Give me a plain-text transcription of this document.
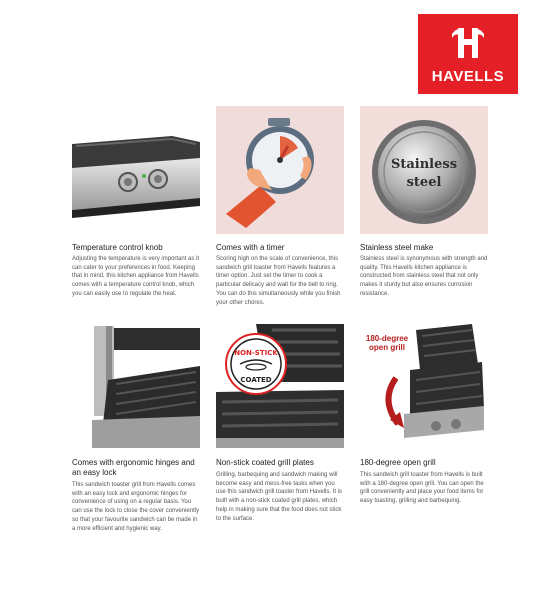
HAVELLS
Temperature control knob
Adjusting the temperature is very important as it can cater to your preferences in food. Keeping that in mind, this kitchen appliance from Havells comes with a temperature control knob, which you can easily use to regulate the heat.
Comes with a timer
Scoring high on the scale of convenience, this sandwich grill toaster from Havells features a timer option. Just set the timer to cook a particular delicacy and wait for the bell to ring. You can do this simultaneously while you finish your other chores.
Stainless
steel
Stainless steel make
Stainless steel is synonymous with strength and quality. This Havells kitchen appliance is constructed from stainless steel that not only makes it sturdy but also ensures corrosion resistance.
Comes with ergonomic hinges and an easy lock
This sandwich toaster grill from Havells comes with an easy lock and ergonomic hinges for convenience of using on a regular basis. You can use the lock to close the cover conveniently so that your favourite sandwich can be made in a more efficient and hygienic way.
NON-STICK
COATED
Non-stick coated grill plates
Grilling, barbequing and sandwich making will become easy and mess-free tasks when you use this sandwich grill toaster from Havells. It is built with a non-stick coated grill plates, which help in making sure that the food does not stick to the surface.
180-degree
open grill
180-degree open grill
This sandwich grill toaster from Havells is built with a 180-degree open grill. You can open the grill conveniently and place your food items for easy toasting, grilling and barbequing.
